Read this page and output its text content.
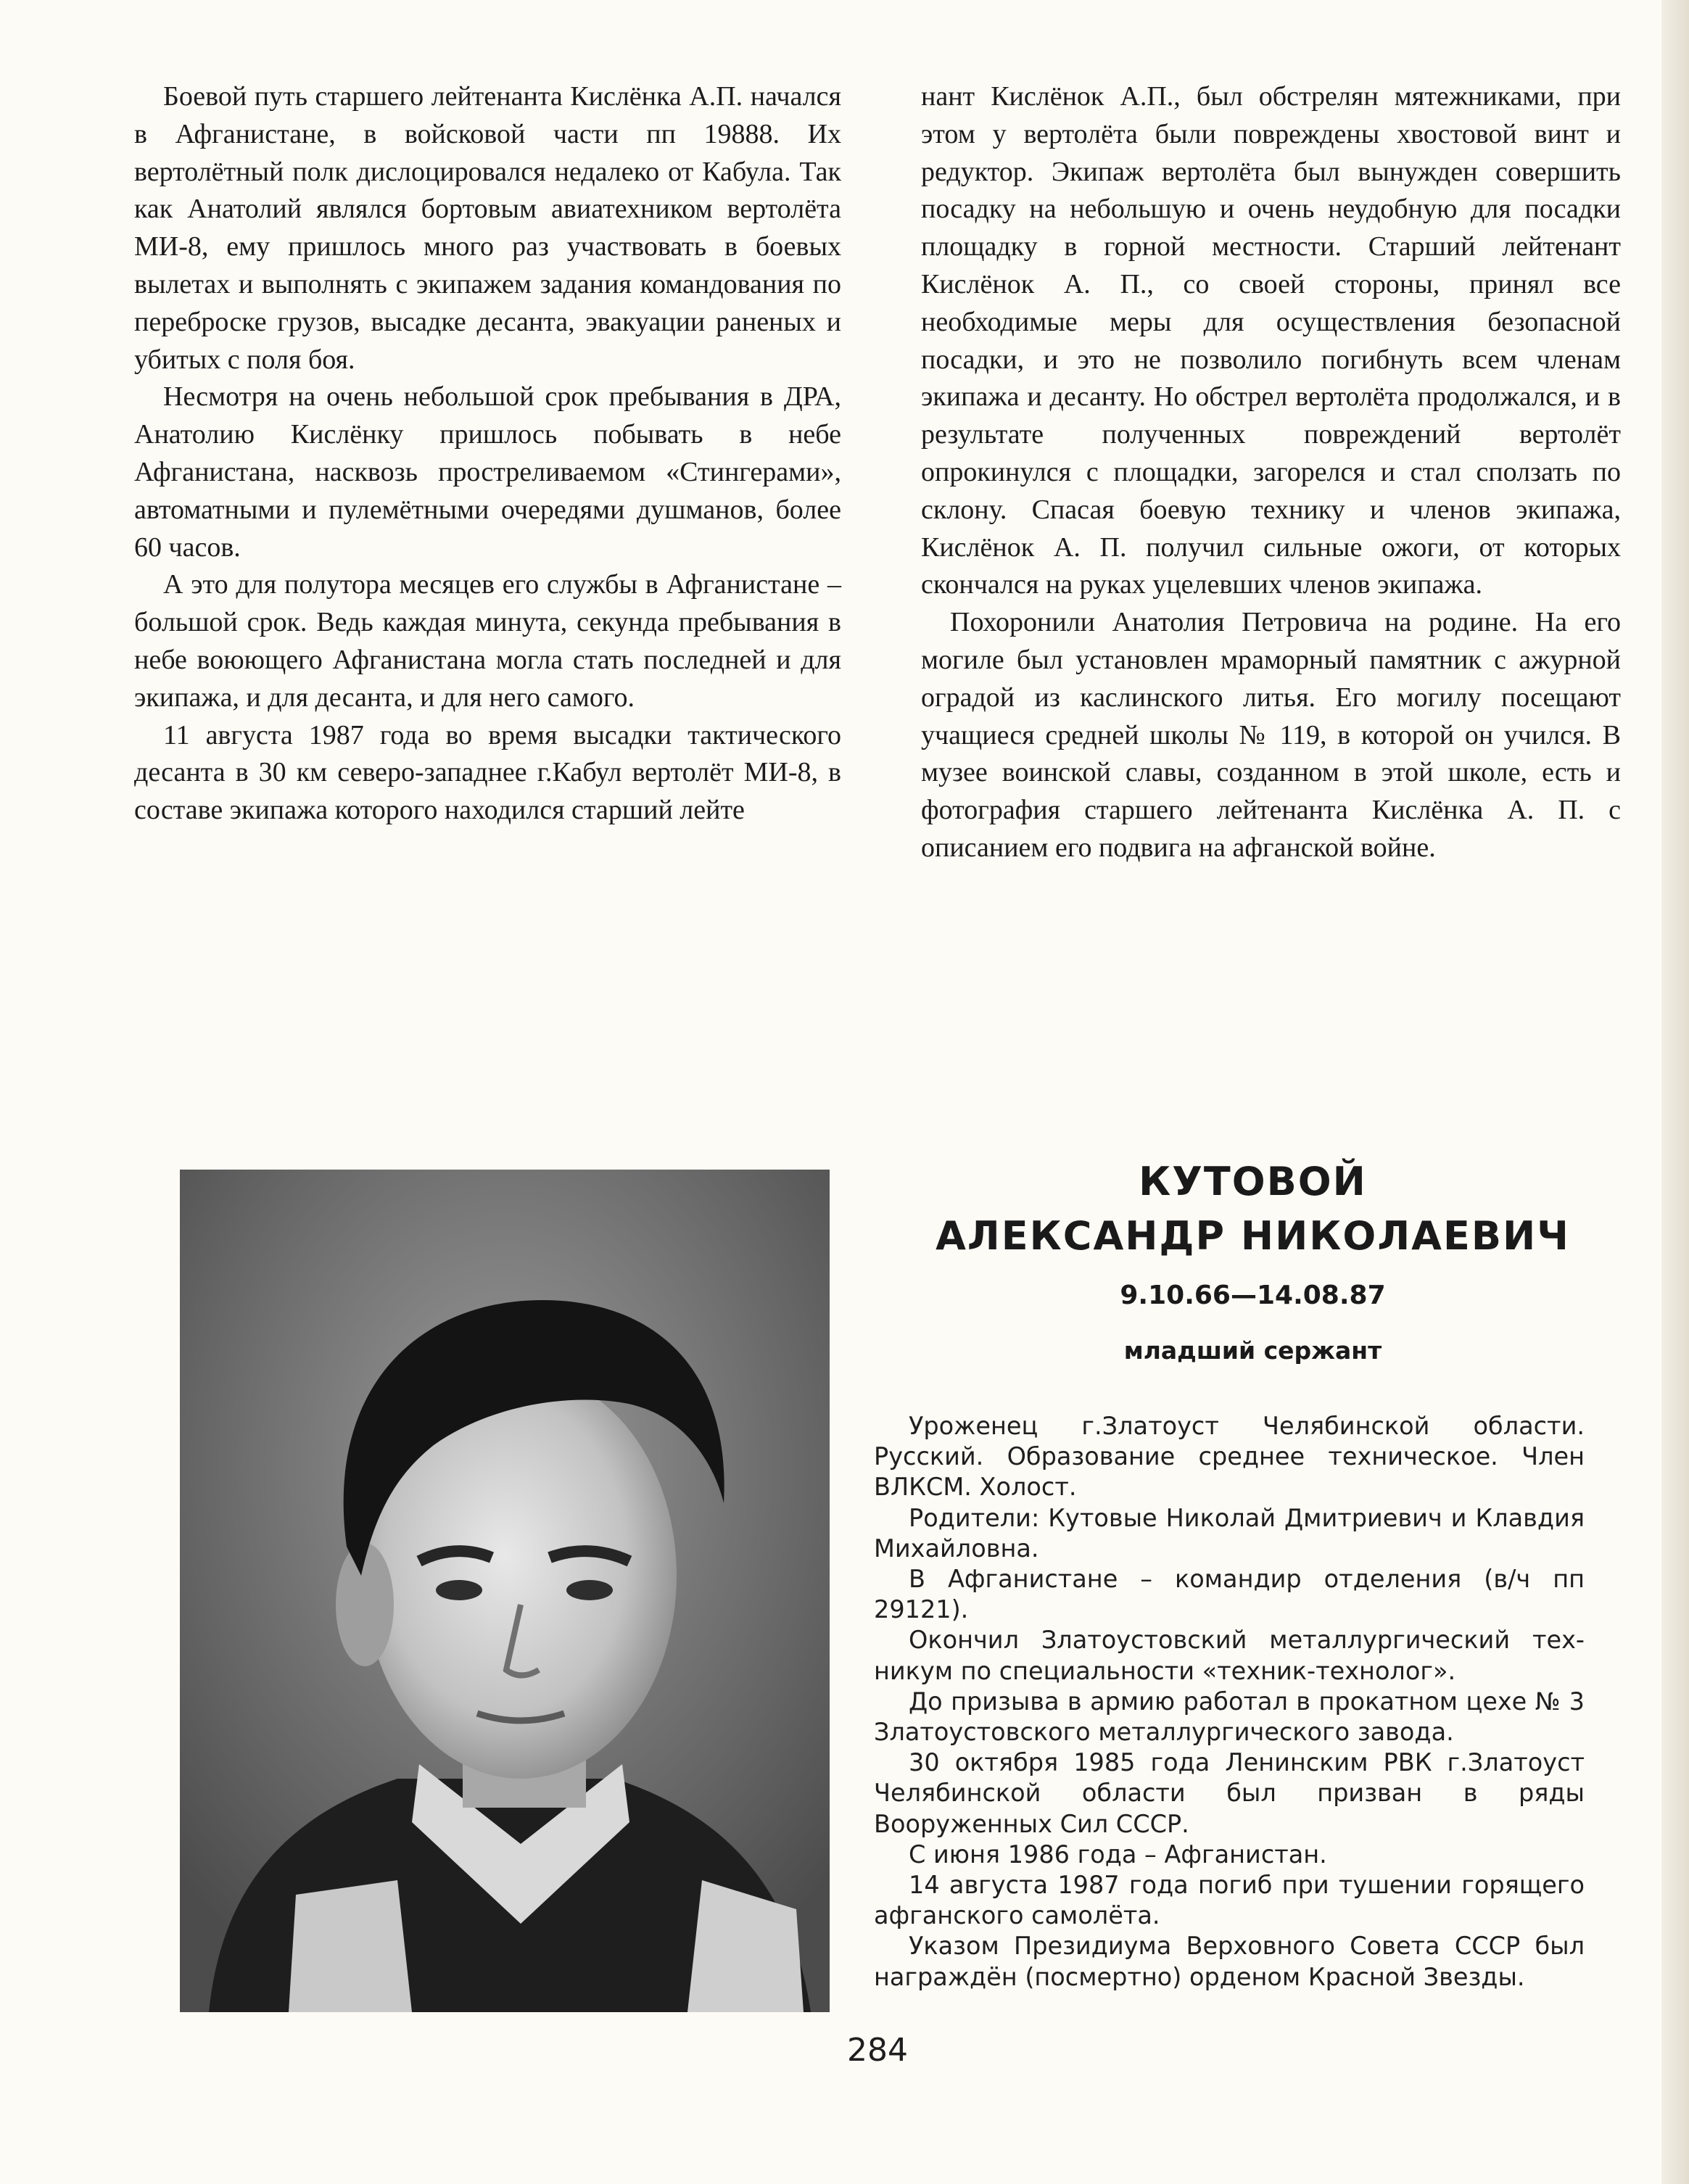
Боевой путь старшего лейтенанта Кислёнка А.П. начался в Афганистане, в войсковой части пп 19888. Их вертолётный полк дислоцировался недалеко от Кабула. Так как Анатолий являлся бортовым авиатехником вертолёта МИ-8, ему пришлось много раз участвовать в боевых вылетах и выполнять с экипажем задания командования по переброске грузов, высадке десанта, эвакуации раненых и убитых с поля боя.

Несмотря на очень небольшой срок пребывания в ДРА, Анатолию Кислёнку пришлось побывать в небе Афганистана, насквозь простреливаемом «Стингерами», автоматными и пулемётными очередями душманов, более 60 часов.

А это для полутора месяцев его службы в Афганистане – большой срок. Ведь каждая минута, секунда пребывания в небе воюющего Афганистана могла стать последней и для экипажа, и для десанта, и для него самого.

11 августа 1987 года во время высадки тактического десанта в 30 км северо-западнее г.Кабул вертолёт МИ-8, в составе экипажа которого находился старший лейте

нант Кислёнок А.П., был обстрелян мятежниками, при этом у вертолёта были повреждены хвостовой винт и редуктор. Экипаж вертолёта был вынужден совершить посадку на небольшую и очень неудобную для посадки площадку в горной местности. Старший лейтенант Кислёнок А. П., со своей стороны, принял все необходимые меры для осуществления безопасной посадки, и это не позволило погибнуть всем членам экипажа и десанту. Но обстрел вертолёта продолжался, и в результате полученных повреждений вертолёт опрокинулся с площадки, загорелся и стал сползать по склону. Спасая боевую технику и членов экипажа, Кислёнок А. П. получил сильные ожоги, от которых скончался на руках уцелевших членов экипажа.

Похоронили Анатолия Петровича на родине. На его могиле был установлен мраморный памятник с ажурной оградой из каслинского литья. Его могилу посещают учащиеся средней школы № 119, в которой он учился. В музее воинской славы, созданном в этой школе, есть и фотография старшего лейтенанта Кислёнка А. П. с описанием его подвига на афганской войне.

КУТОВОЙ
АЛЕКСАНДР НИКОЛАЕВИЧ
9.10.66—14.08.87
младший сержант

Уроженец г.Златоуст Челябинской области. Русский. Образование среднее техническое. Член ВЛКСМ. Холост.

Родители: Кутовые Николай Дмитриевич и Клавдия Михайловна.

В Афганистане – командир отделения (в/ч пп 29121).

Окончил Златоустовский металлургический техникум по специальности «техник-технолог».

До призыва в армию работал в прокатном цехе № 3 Златоустовского металлургического завода.

30 октября 1985 года Ленинским РВК г.Златоуст Челябинской области был призван в ряды Вооруженных Сил СССР.

С июня 1986 года – Афганистан.

14 августа 1987 года погиб при тушении горящего афганского самолёта.

Указом Президиума Верховного Совета СССР был награждён (посмертно) орденом Красной Звезды.

284
